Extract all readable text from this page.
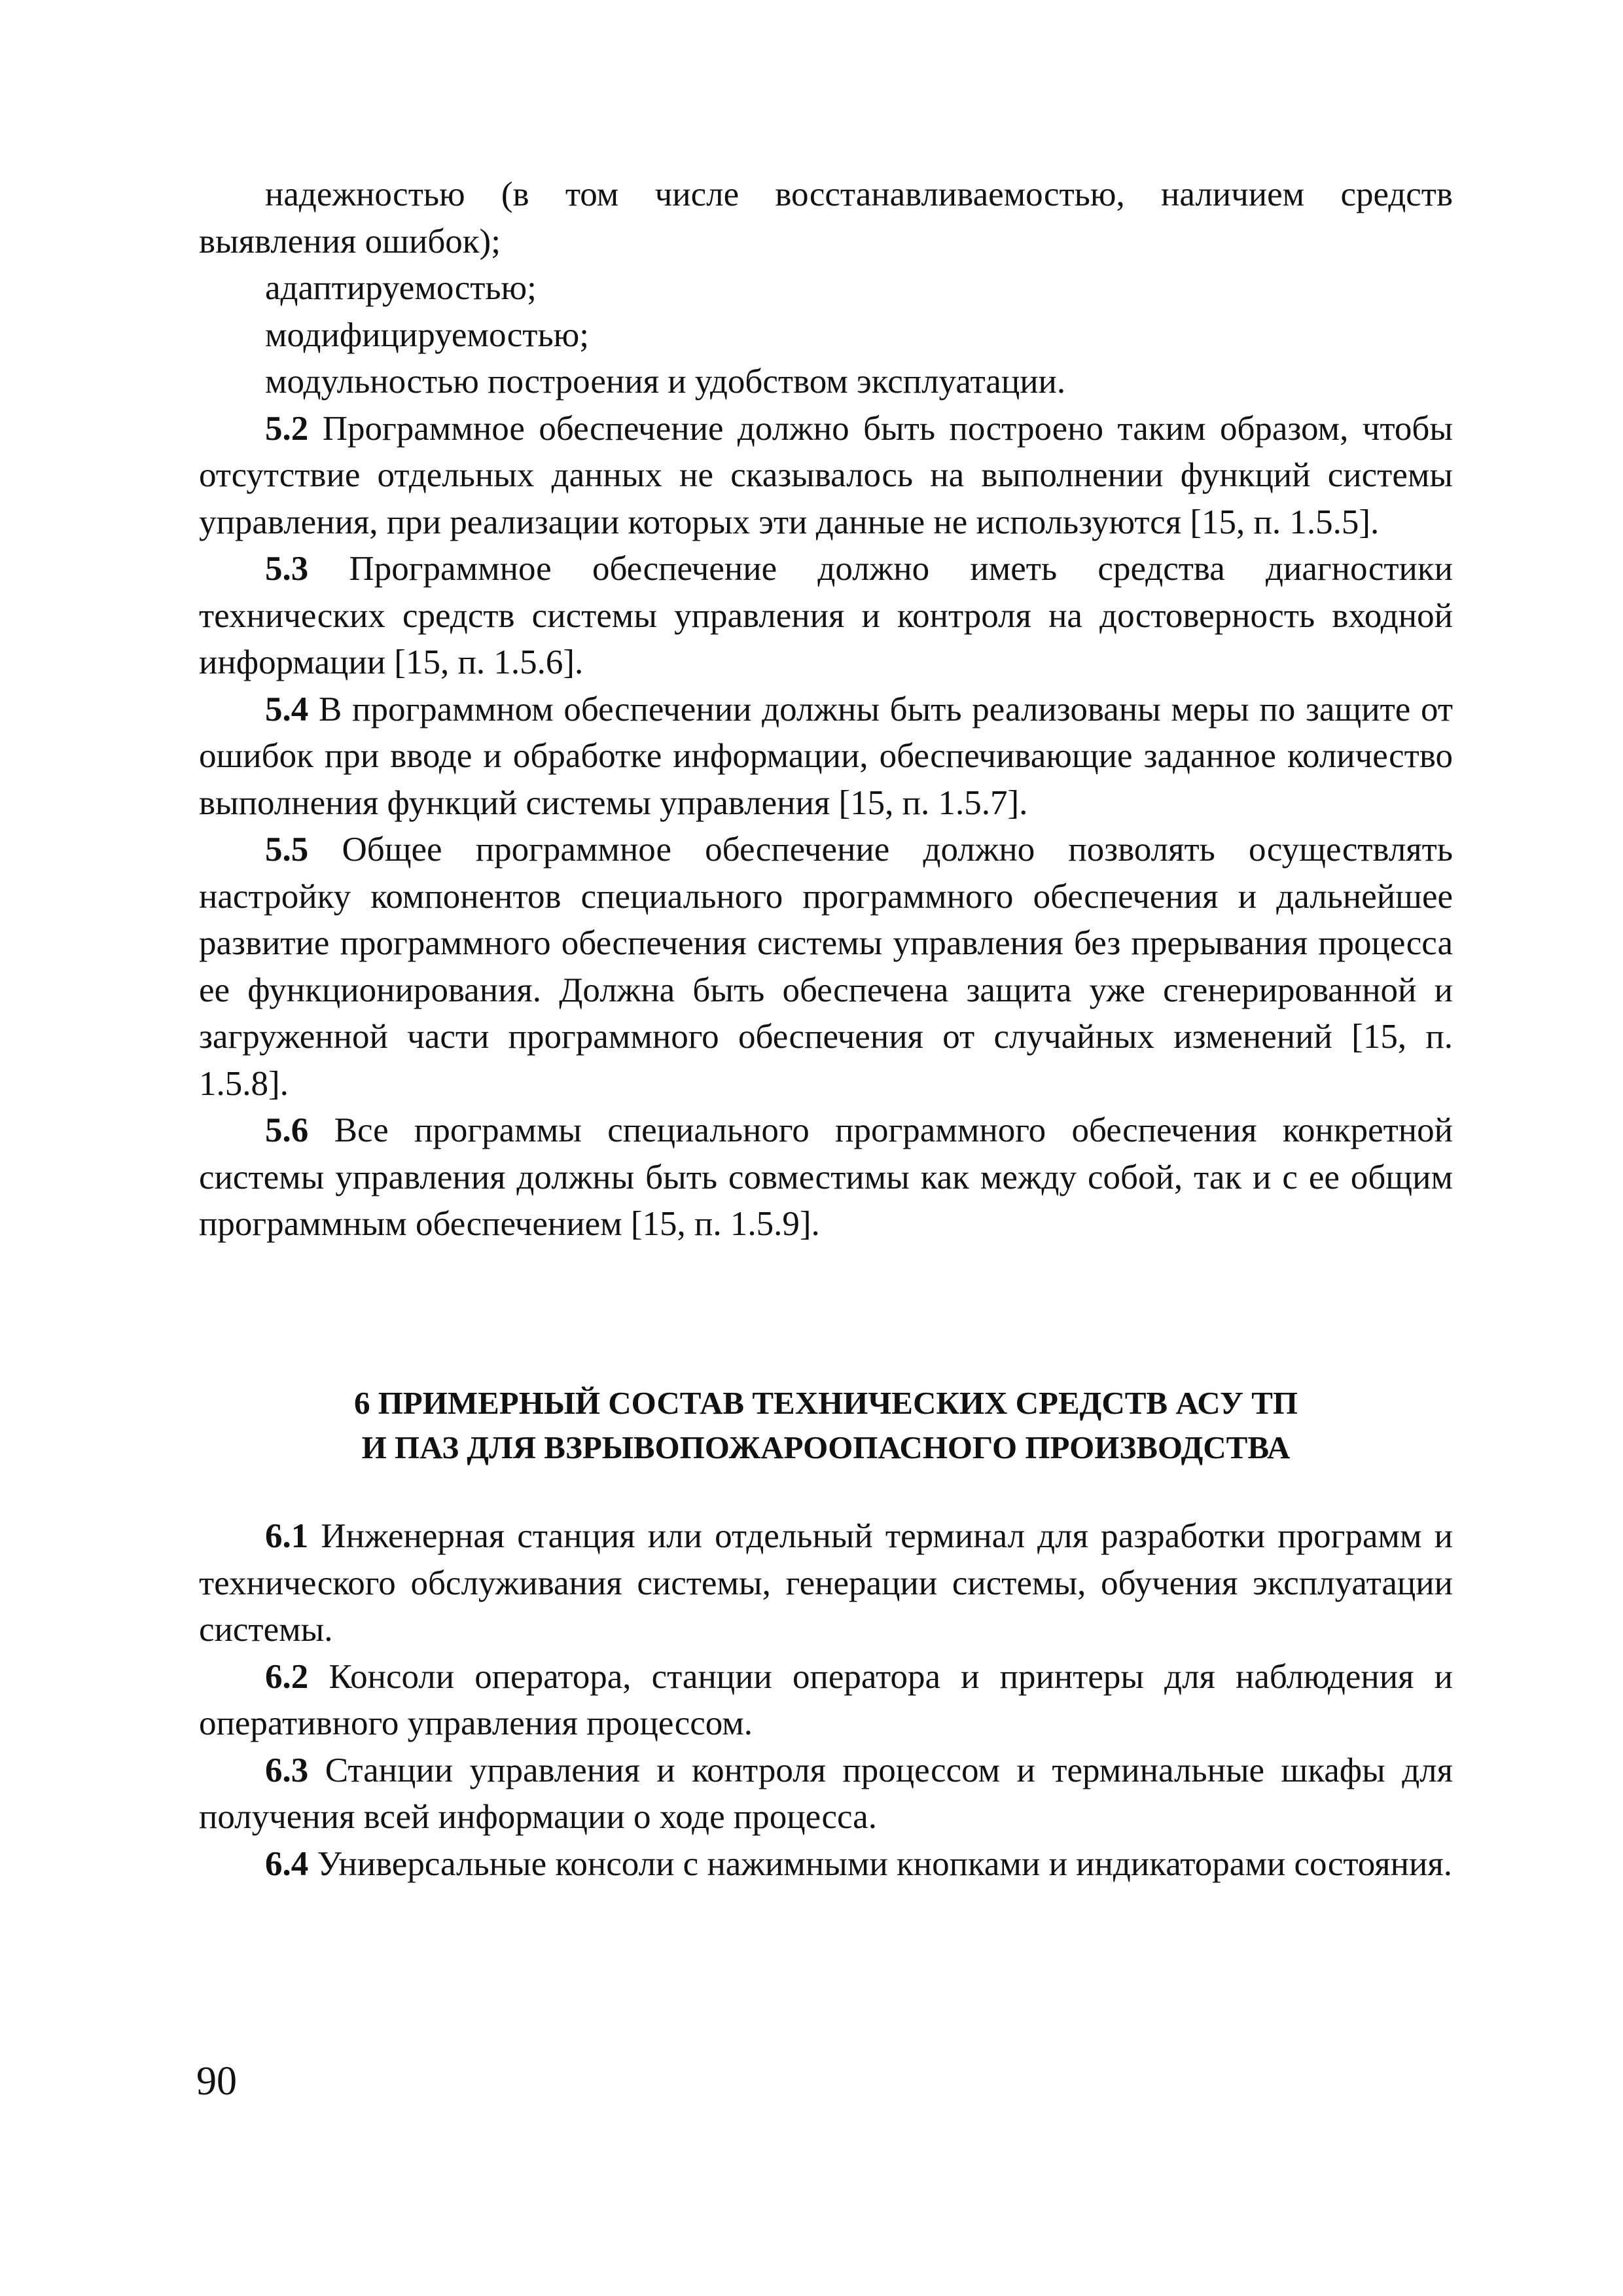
надежностью (в том числе восстанавливаемостью, наличием средств выявления ошибок);

адаптируемостью;

модифицируемостью;

модульностью построения и удобством эксплуатации.

5.2 Программное обеспечение должно быть построено таким образом, чтобы отсутствие отдельных данных не сказывалось на выполнении функций системы управления, при реализации которых эти данные не используются [15, п. 1.5.5].

5.3 Программное обеспечение должно иметь средства диагностики технических средств системы управления и контроля на достоверность входной информации [15, п. 1.5.6].

5.4 В программном обеспечении должны быть реализованы меры по защите от ошибок при вводе и обработке информации, обеспечивающие заданное количество выполнения функций системы управления [15, п. 1.5.7].

5.5 Общее программное обеспечение должно позволять осуществлять настройку компонентов специального программного обеспечения и дальнейшее развитие программного обеспечения системы управления без прерывания процесса ее функционирования. Должна быть обеспечена защита уже сгенерированной и загруженной части программного обеспечения от случайных изменений [15, п. 1.5.8].

5.6 Все программы специального программного обеспечения конкретной системы управления должны быть совместимы как между собой, так и с ее общим программным обеспечением [15, п. 1.5.9].

6 ПРИМЕРНЫЙ СОСТАВ ТЕХНИЧЕСКИХ СРЕДСТВ АСУ ТП
И ПАЗ ДЛЯ ВЗРЫВОПОЖАРООПАСНОГО ПРОИЗВОДСТВА

6.1 Инженерная станция или отдельный терминал для разработки программ и технического обслуживания системы, генерации системы, обучения эксплуатации системы.

6.2 Консоли оператора, станции оператора и принтеры для наблюдения и оперативного управления процессом.

6.3 Станции управления и контроля процессом и терминальные шкафы для получения всей информации о ходе процесса.

6.4 Универсальные консоли с нажимными кнопками и индикаторами состояния.

90
